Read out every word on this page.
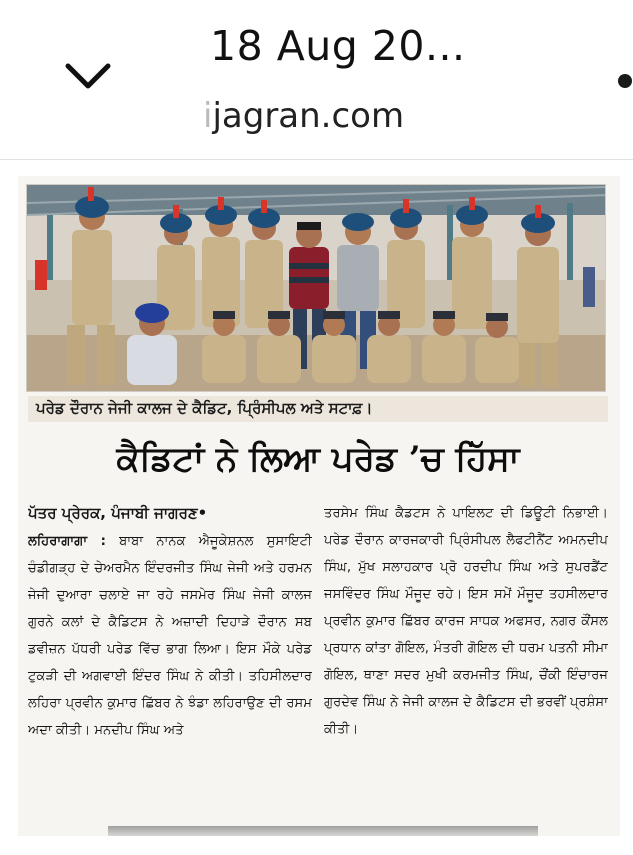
18 Aug 20...
ijagran.com
ਪਰੇਡ ਦੌਰਾਨ ਜੇਜੀ ਕਾਲਜ ਦੇ ਕੈਡਿਟ, ਪ੍ਰਿੰਸੀਪਲ ਅਤੇ ਸਟਾਫ਼।
ਕੈਡਿਟਾਂ ਨੇ ਲਿਆ ਪਰੇਡ ’ਚ ਹਿੱਸਾ
ਪੱਤਰ ਪ੍ਰੇਰਕ, ਪੰਜਾਬੀ ਜਾਗਰਣ•
ਲਹਿਰਾਗਾਗਾ : ਬਾਬਾ ਨਾਨਕ ਐਜੂਕੇਸ਼ਨਲ ਸੁਸਾਇਟੀ ਚੰਡੀਗੜ੍ਹ ਦੇ ਚੇਅਰਮੈਨ ਇੰਦਰਜੀਤ ਸਿੰਘ ਜੇਜੀ ਅਤੇ ਹਰਮਨ ਜੇਜੀ ਦੁਆਰਾ ਚਲਾਏ ਜਾ ਰਹੇ ਜਸਮੇਰ ਸਿੰਘ ਜੇਜੀ ਕਾਲਜ ਗੁਰਨੇ ਕਲਾਂ ਦੇ ਕੈਡਿਟਸ ਨੇ ਅਜ਼ਾਦੀ ਦਿਹਾੜੇ ਦੌਰਾਨ ਸਬ ਡਵੀਜ਼ਨ ਪੱਧਰੀ ਪਰੇਡ ਵਿੱਚ ਭਾਗ ਲਿਆ। ਇਸ ਮੌਕੇ ਪਰੇਡ ਟੁਕੜੀ ਦੀ ਅਗਵਾਈ ਇੰਦਰ ਸਿੰਘ ਨੇ ਕੀਤੀ। ਤਹਿਸੀਲਦਾਰ ਲਹਿਰਾ ਪ੍ਰਵੀਨ ਕੁਮਾਰ ਛਿੱਬਰ ਨੇ ਝੰਡਾ ਲਹਿਰਾਉਣ ਦੀ ਰਸਮ ਅਦਾ ਕੀਤੀ। ਮਨਦੀਪ ਸਿੰਘ ਅਤੇ
ਤਰਸੇਮ ਸਿੰਘ ਕੈਡਟਸ ਨੇ ਪਾਇਲਟ ਦੀ ਡਿਊਟੀ ਨਿਭਾਈ। ਪਰੇਡ ਦੌਰਾਨ ਕਾਰਜਕਾਰੀ ਪ੍ਰਿੰਸੀਪਲ ਲੈਫਟੀਨੈਂਟ ਅਮਨਦੀਪ ਸਿੰਘ, ਮੁੱਖ ਸਲਾਹਕਾਰ ਪ੍ਰੋ ਹਰਦੀਪ ਸਿੰਘ ਅਤੇ ਸੁਪਰਡੈਂਟ ਜਸਵਿੰਦਰ ਸਿੰਘ ਮੌਜੂਦ ਰਹੇ। ਇਸ ਸਮੇਂ ਮੌਜੂਦ ਤਹਸੀਲਦਾਰ ਪ੍ਰਵੀਨ ਕੁਮਾਰ ਛਿੱਬਰ ਕਾਰਜ ਸਾਧਕ ਅਫਸਰ, ਨਗਰ ਕੌਂਸਲ ਪ੍ਰਧਾਨ ਕਾਂਤਾ ਗੋਇਲ, ਮੰਤਰੀ ਗੋਇਲ ਦੀ ਧਰਮ ਪਤਨੀ ਸੀਮਾ ਗੋਇਲ, ਥਾਣਾ ਸਦਰ ਮੁਖੀ ਕਰਮਜੀਤ ਸਿੰਘ, ਚੌਂਕੀ ਇੰਚਾਰਜ ਗੁਰਦੇਵ ਸਿੰਘ ਨੇ ਜੇਜੀ ਕਾਲਜ ਦੇ ਕੈਡਿਟਸ ਦੀ ਭਰਵੀਂ ਪ੍ਰਸ਼ੰਸਾ ਕੀਤੀ।
